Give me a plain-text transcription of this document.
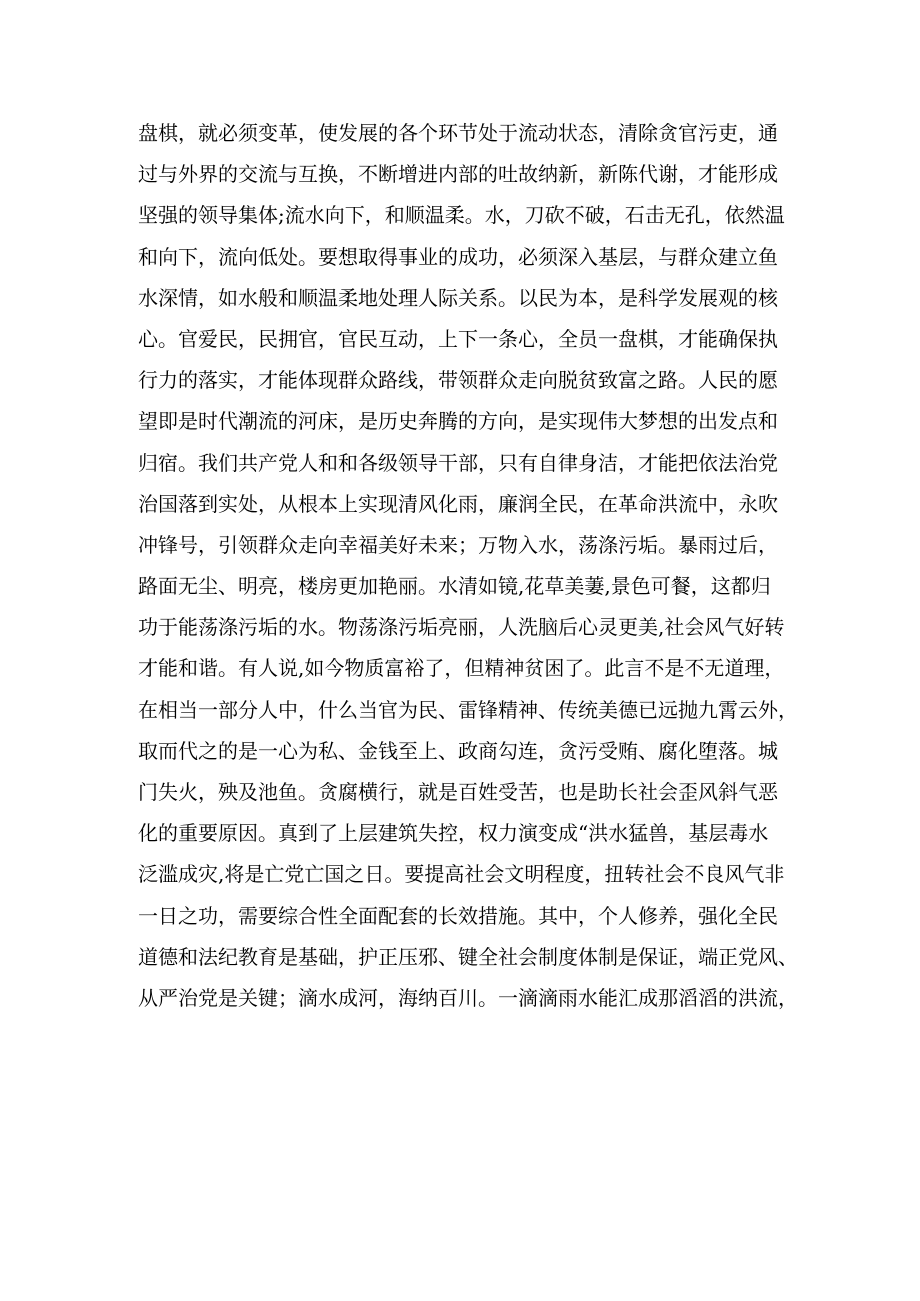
盘棋，就必须变革，使发展的各个环节处于流动状态，清除贪官污吏，通
过与外界的交流与互换，不断增进内部的吐故纳新，新陈代谢，才能形成
坚强的领导集体;流水向下，和顺温柔。水，刀砍不破，石击无孔，依然温
和向下，流向低处。要想取得事业的成功，必须深入基层，与群众建立鱼
水深情，如水般和顺温柔地处理人际关系。以民为本，是科学发展观的核
心。官爱民，民拥官，官民互动，上下一条心，全员一盘棋，才能确保执
行力的落实，才能体现群众路线，带领群众走向脱贫致富之路。人民的愿
望即是时代潮流的河床，是历史奔腾的方向，是实现伟大梦想的出发点和
归宿。我们共产党人和和各级领导干部，只有自律身洁，才能把依法治党
治国落到实处，从根本上实现清风化雨，廉润全民，在革命洪流中，永吹
冲锋号，引领群众走向幸福美好未来；万物入水，荡涤污垢。暴雨过后，
路面无尘、明亮，楼房更加艳丽。水清如镜,花草美萋,景色可餐，这都归
功于能荡涤污垢的水。物荡涤污垢亮丽，人洗脑后心灵更美,社会风气好转
才能和谐。有人说,如今物质富裕了，但精神贫困了。此言不是不无道理，
在相当一部分人中，什么当官为民、雷锋精神、传统美德已远抛九霄云外，
取而代之的是一心为私、金钱至上、政商勾连，贪污受贿、腐化堕落。城
门失火，殃及池鱼。贪腐横行，就是百姓受苦，也是助长社会歪风斜气恶
化的重要原因。真到了上层建筑失控，权力演变成“洪水猛兽，基层毒水
泛滥成灾,将是亡党亡国之日。要提高社会文明程度，扭转社会不良风气非
一日之功，需要综合性全面配套的长效措施。其中，个人修养，强化全民
道德和法纪教育是基础，护正压邪、键全社会制度体制是保证，端正党风、
从严治党是关键；滴水成河，海纳百川。一滴滴雨水能汇成那滔滔的洪流，
